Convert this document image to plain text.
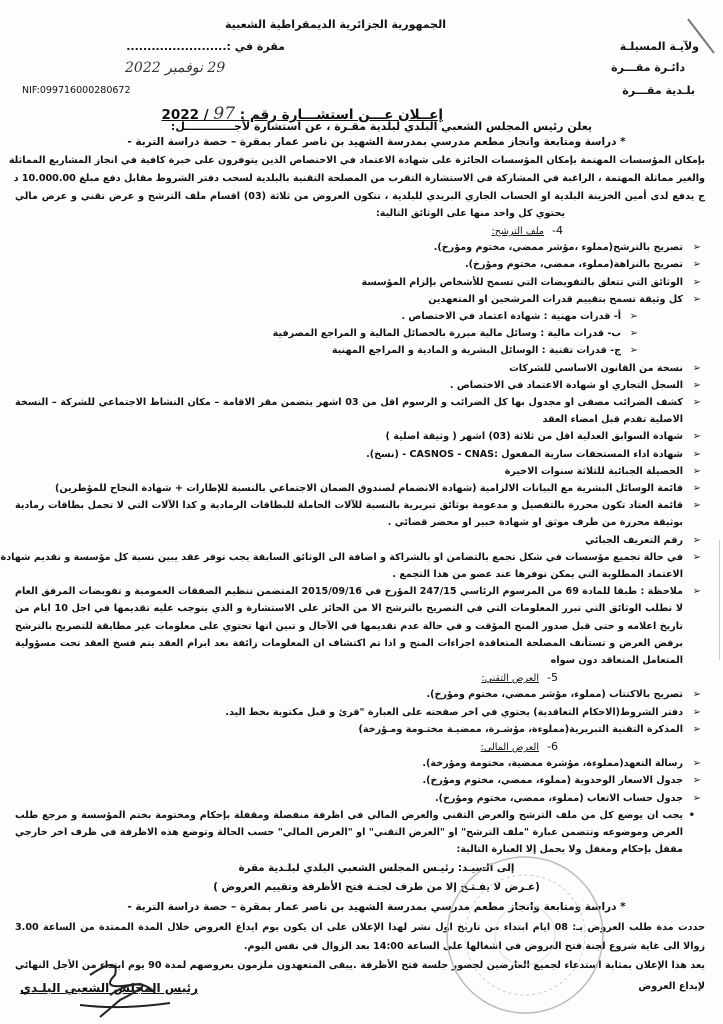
الجمهورية الجزائرية الديمقراطية الشعبية
ولآيـة المسيلـة
دائـرة مقـــرة
بلـدية مقـــرة
مقرة في :........................
29 نوفمبر 2022
NIF:099716000280672
إعــلان عـــن استشـــارة رقم : 97 / 2022
يعلن رئيس المجلس الشعبي البلدي لبلدية مقـرة ، عن استشارة لأجـــــــــــــل:
* دراسة ومتابعة وانجاز مطعم مدرسي بمدرسة الشهيد بن ناصر عمار بمقرة – حصة دراسة التربة -
بإمكان المؤسسات المهتمة بإمكان المؤسسات الحائزة على شهادة الاعتماد في الاختصاص الذين يتوفرون على خبرة كافية في انجاز المشاريع المماثلة
والغير مماثلة المهتمة ، الراغبة في المشاركة في الاستشارة التقرب من المصلحة التقنية بالبلدية لسحب دفتر الشروط مقابل دفع مبلغ 10.000.00 د
ج يدفع لدى أمين الخزينة البلدية او الحساب الجاري البريدي للبلدية ، تتكون العروض من ثلاثة (03) اقسام ملف الترشح و عرض تقني و عرض مالي
يحتوي كل واحد منها على الوثائق التالية:
4-ملف الترشح:
تصريح بالترشح(مملوء ،مؤشر ممضي، مختوم ومؤرخ).
تصريح بالنزاهة(مملوء، ممضي، مختوم ومؤرخ).
الوثائق التي تتعلق بالتفويضات التي تسمح للأشخاص بإلزام المؤسسة
كل وثيقة تسمح بتقييم قدرات المرشحين او المتعهدين
أ- قدرات مهنية : شهادة اعتماد في الاختصاص .
ب- قدرات مالية : وسائل مالية مبررة بالحصائل المالية و المراجع المصرفية
ج- قدرات تقنية : الوسائل البشرية و المادية و المراجع المهنية
نسخة من القانون الاساسي للشركات
السجل التجاري او شهادة الاعتماد في الاختصاص .
كشف الضرائب مصفى او مجدول بها كل الضرائب و الرسوم اقل من 03 اشهر يتضمن مقر الاقامة – مكان النشاط الاجتماعي للشركة – النسخة
الاصلية تقدم قبل امضاء العقد
شهادة السوابق العدلية اقل من ثلاثة (03) اشهر ( وثيقة اصلية )
شهادة اداء المستحقات سارية المفعول :CASNOS - CNAS - (نسخ).
الحصيلة الجبائية للثلاثة سنوات الاخيرة
قائمة الوسائل البشرية مع البيانات الالزامية (شهادة الانضمام لصندوق الضمان الاجتماعي بالنسبة للإطارات + شهادة النجاح للمؤطرين)
قائمة العتاد تكون محررة بالتفصيل و مدعومة بوثائق تبريرية بالنسبة للآلات الحاملة للبطاقات الرمادية و كذا الآلات التي لا تحمل بطاقات رمادية
بوثيقة محررة من طرف موثق او شهادة خبير او محضر قضائي .
رقم التعريف الجبائي
في حالة تجميع مؤسسات في شكل تجمع بالتضامن او بالشراكة و اضافة الى الوثائق السابقة يجب توفر عقد يبين نسبة كل مؤسسة و تقديم شهادة
الاعتماد المطلوبة التي يمكن توفرها عند عضو من هذا التجمع .
ملاحظة : طبقا للمادة 69 من المرسوم الرئاسي 247/15 المؤرخ في 2015/09/16 المتضمن تنظيم الصفقات العمومية و تفويضات المرفق العام
لا تطلب الوثائق التي تبرر المعلومات التي في التصريح بالترشح الا من الحائز على الاستشارة و الذي يتوجب عليه تقديمها في اجل 10 ايام من
تاريخ اعلامه و حتى قبل صدور المنح المؤقت و في حالة عدم تقديمها في الآجال و تبين انها تحتوي على معلومات غير مطابقة للتصريح بالترشح
برفض العرض و تستأنف المصلحة المتعاقدة اجراءات المنح و اذا تم اكتشاف ان المعلومات زائفة بعد ابرام العقد يتم فسخ العقد تحت مسؤولية
المتعامل المتعاقد دون سواه
5-العرض التقني:
تصريح بالاكتتاب (مملوء، مؤشر ممضي، مختوم ومؤرخ).
دفتر الشروط(الاحكام التعاقدية) يحتوي في اخر صفحته على العبارة "قرئ و قبل مكتوبة بخط اليد.
المذكرة التقنية التبريرية(مملوءة، مؤشـرة، ممضيـة مختـومة ومـؤرخة)
6-العرض المالي:
رسالة التعهد(مملوءة، مؤشرة ممضية، مختومة ومؤرخة).
جدول الاسعار الوحدوية (مملوء، ممضي، مختوم ومؤرخ).
جدول حساب الاتعاب (مملوء، ممضي، مختوم ومؤرخ).
يجب ان يوضع كل من ملف الترشح والعرض التقني والعرض المالي في اظرفة منفصلة ومقفلة بإحكام ومختومة بختم المؤسسة و مرجع طلب
العرض وموضوعه وتتضمن عبارة "ملف الترشح" او "العرض التقني" او "العرض المالي" حسب الحالة وتوضع هذه الاظرفة في ظرف اخر خارجي
مقفل بإحكام ومغفل ولا يحمل إلا العبارة التالية:
إلى السيـد: رئيـس المجلس الشعبي البلدي لبلـدية مقرة
(عـرض لا يفـتـح إلا من طرف لجنـة فتح الأظرفة وتقييم العروض )
* دراسة ومتابعة وانجاز مطعم مدرسي بمدرسة الشهيد بن ناصر عمار بمقرة – حصة دراسة التربة -
حددت مدة طلب العروض بـ: 08 ايام ابتداء من تاريخ اول نشر لهذا الإعلان على ان يكون يوم ايداع العروض خلال المدة الممتدة من الساعة 3.00
زوالا الى غاية شروع لجنة فتح العروض في اشغالها على الساعة 14:00 بعد الزوال في نفس اليوم.
يعد هذا الإعلان بمثابة استدعاء لجميع العارضين لحضور جلسة فتح الأظرفة .يبقى المتعهدون ملزمون بعروضهم لمدة 90 يوم ابتداء من الأجل النهائي
لإيداع العروض
رئيس المجلس الشعبي البلـدي
➢
➢
➢
➢
➢
➢
➢
➢
➢
➢
➢
➢
➢
➢
➢
➢
➢
➢
➢
➢
➢
➢
➢
➢
•
